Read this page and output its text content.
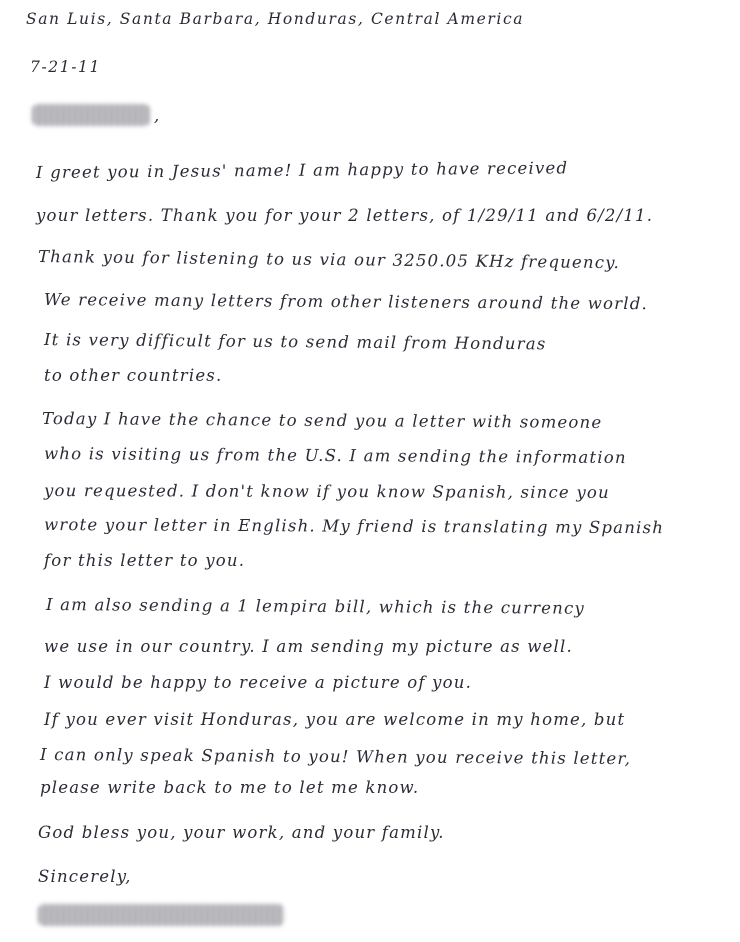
San Luis, Santa Barbara, Honduras, Central America
7-21-11
,
I greet you in Jesus' name! I am happy to have received
your letters. Thank you for your 2 letters, of 1/29/11 and 6/2/11.
Thank you for listening to us via our 3250.05 KHz frequency.
We receive many letters from other listeners around the world.
It is very difficult for us to send mail from Honduras
to other countries.
Today I have the chance to send you a letter with someone
who is visiting us from the U.S. I am sending the information
you requested. I don't know if you know Spanish, since you
wrote your letter in English. My friend is translating my Spanish
for this letter to you.
I am also sending a 1 lempira bill, which is the currency
we use in our country. I am sending my picture as well.
I would be happy to receive a picture of you.
If you ever visit Honduras, you are welcome in my home, but
I can only speak Spanish to you! When you receive this letter,
please write back to me to let me know.
God bless you, your work, and your family.
Sincerely,
